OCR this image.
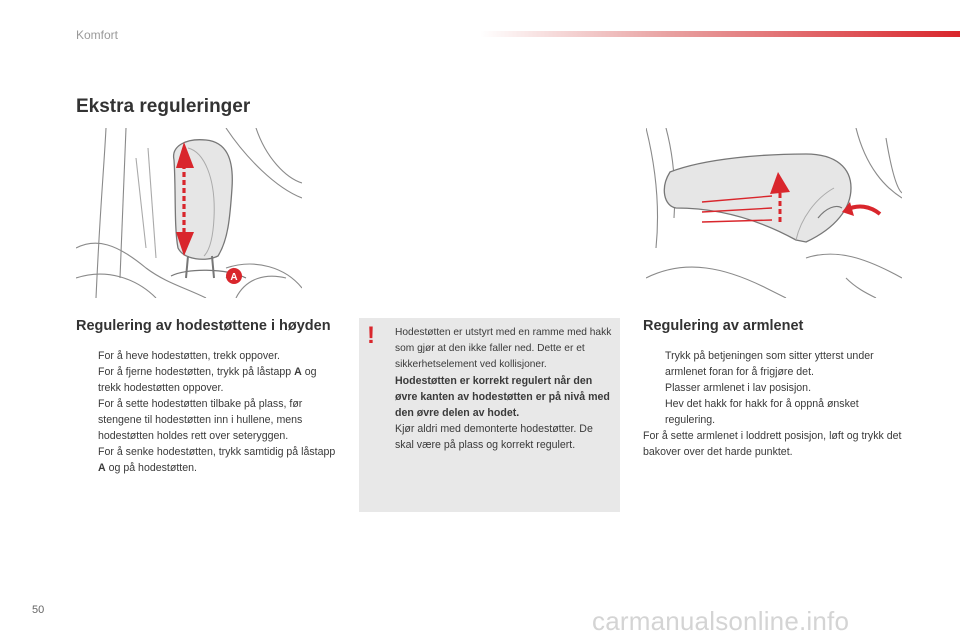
Komfort
Ekstra reguleringer
A
Regulering av hodestøttene i høyden
For å heve hodestøtten, trekk oppover.
For å fjerne hodestøtten, trykk på låstapp A og trekk hodestøtten oppover.
For å sette hodestøtten tilbake på plass, før stengene til hodestøtten inn i hullene, mens hodestøtten holdes rett over seteryggen.
For å senke hodestøtten, trykk samtidig på låstapp A og på hodestøtten.
! Hodestøtten er utstyrt med en ramme med hakk som gjør at den ikke faller ned. Dette er et sikkerhetselement ved kollisjoner.
Hodestøtten er korrekt regulert når den øvre kanten av hodestøtten er på nivå med den øvre delen av hodet.
Kjør aldri med demonterte hodestøtter. De skal være på plass og korrekt regulert.
Regulering av armlenet
Trykk på betjeningen som sitter ytterst under armlenet foran for å frigjøre det.
Plasser armlenet i lav posisjon.
Hev det hakk for hakk for å oppnå ønsket regulering.

For å sette armlenet i loddrett posisjon, løft og trykk det bakover over det harde punktet.

50	carmanualsonline.info
